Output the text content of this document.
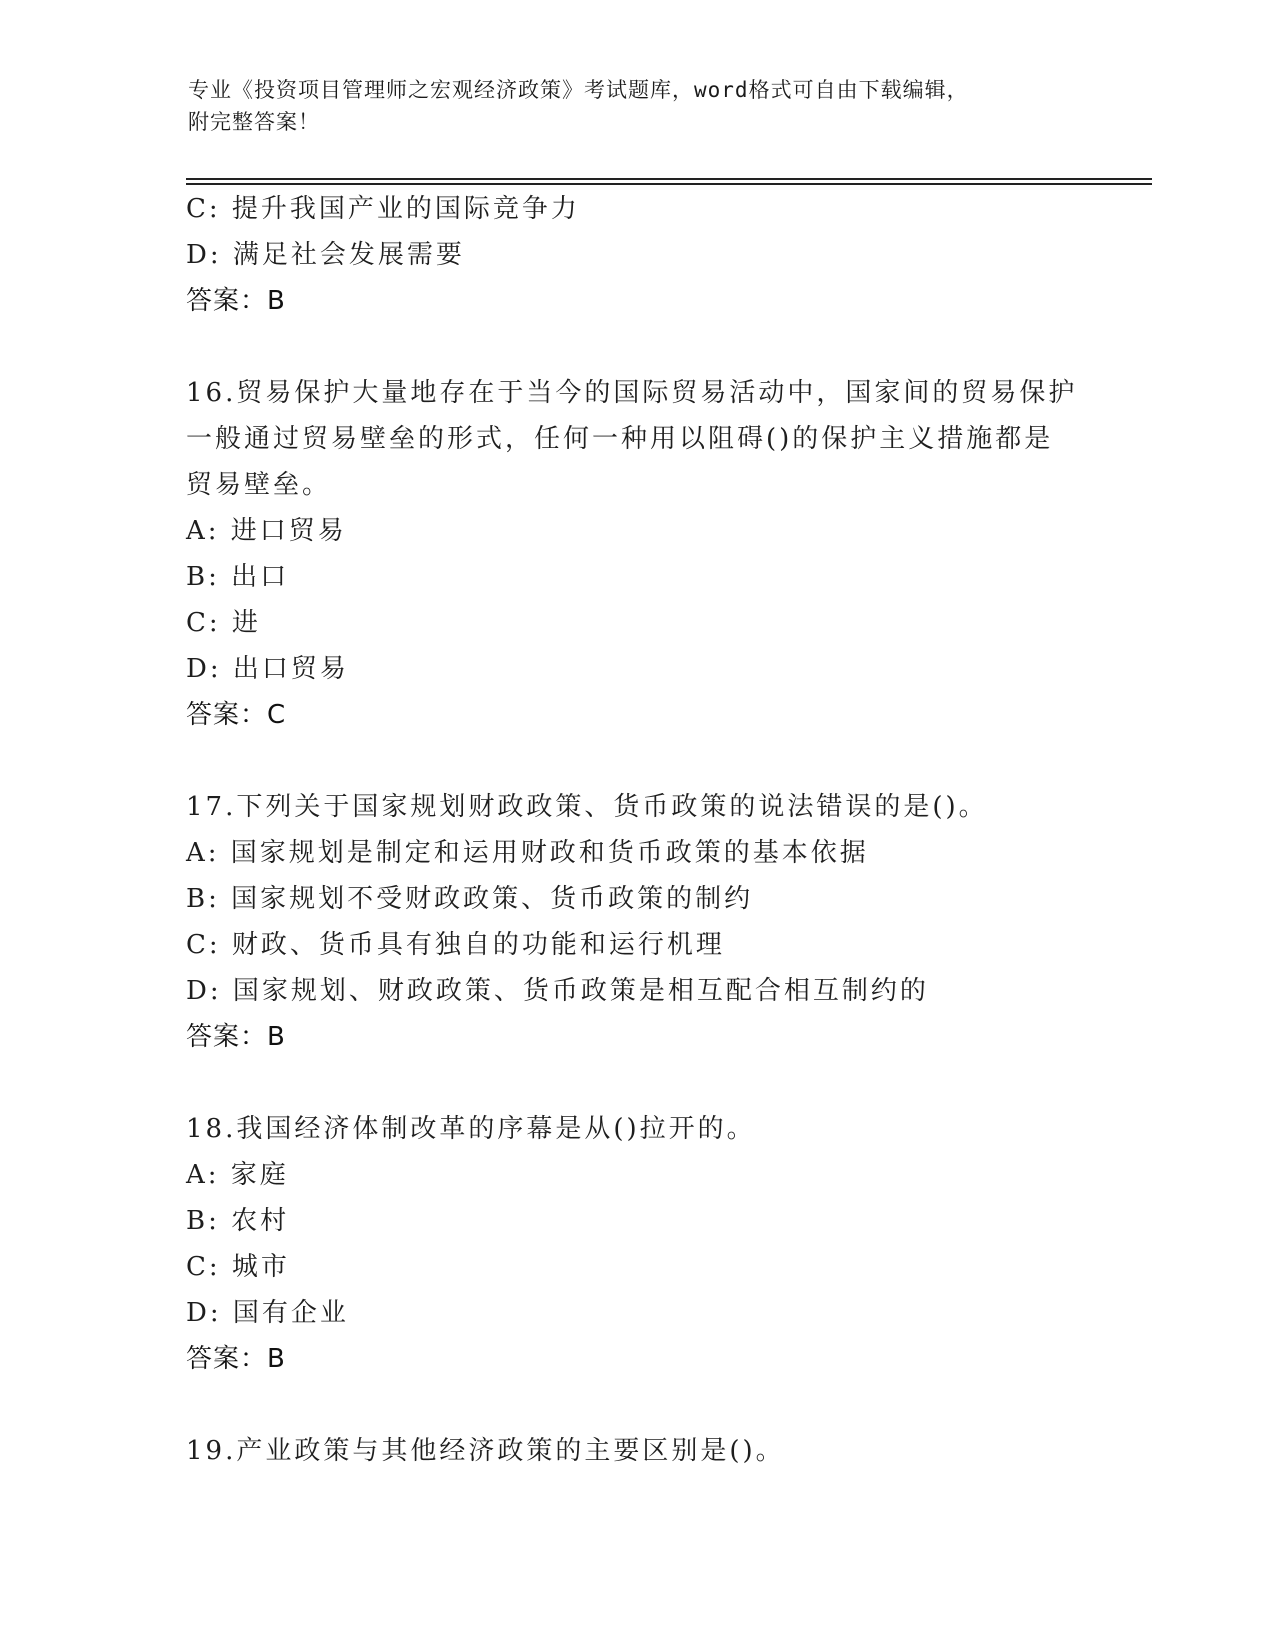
专业《投资项目管理师之宏观经济政策》考试题库，word格式可自由下载编辑，
附完整答案！
C: 提升我国产业的国际竞争力
D: 满足社会发展需要
答案：B
16.贸易保护大量地存在于当今的国际贸易活动中，国家间的贸易保护
一般通过贸易壁垒的形式，任何一种用以阻碍()的保护主义措施都是
贸易壁垒。
A: 进口贸易
B: 出口
C: 进
D: 出口贸易
答案：C
17.下列关于国家规划财政政策、货币政策的说法错误的是()。
A: 国家规划是制定和运用财政和货币政策的基本依据
B: 国家规划不受财政政策、货币政策的制约
C: 财政、货币具有独自的功能和运行机理
D: 国家规划、财政政策、货币政策是相互配合相互制约的
答案：B
18.我国经济体制改革的序幕是从()拉开的。
A: 家庭
B: 农村
C: 城市
D: 国有企业
答案：B
19.产业政策与其他经济政策的主要区别是()。
